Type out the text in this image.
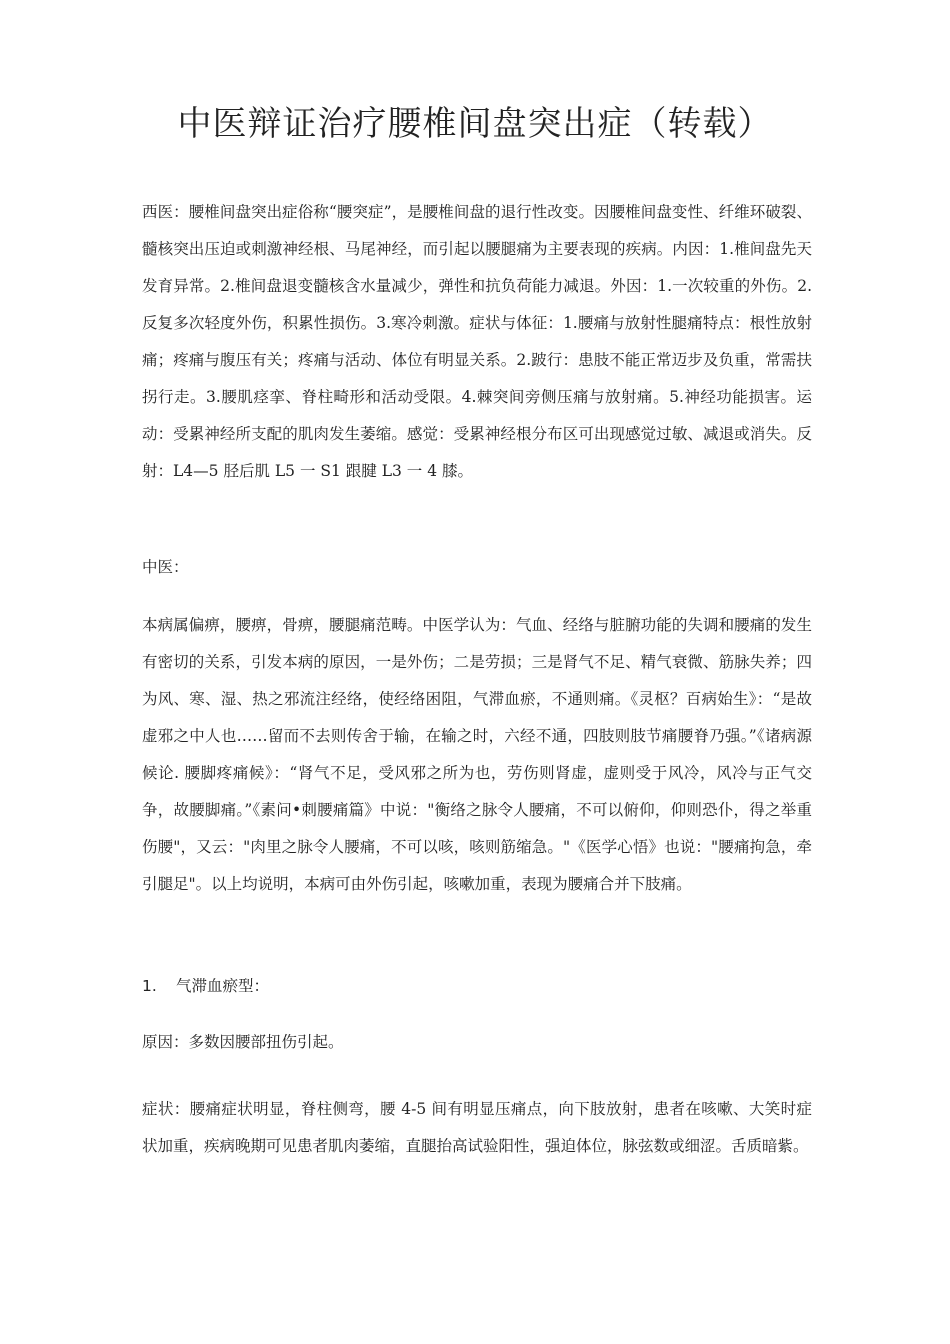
中医辩证治疗腰椎间盘突出症（转载）

西医：腰椎间盘突出症俗称“腰突症”，是腰椎间盘的退行性改变。因腰椎间盘变性、纤维环破裂、髓核突出压迫或刺激神经根、马尾神经，而引起以腰腿痛为主要表现的疾病。内因：1.椎间盘先天发育异常。2.椎间盘退变髓核含水量减少，弹性和抗负荷能力减退。外因：1.一次较重的外伤。2.反复多次轻度外伤，积累性损伤。3.寒冷刺激。症状与体征：1.腰痛与放射性腿痛特点：根性放射痛；疼痛与腹压有关；疼痛与活动、体位有明显关系。2.跛行：患肢不能正常迈步及负重，常需扶拐行走。3.腰肌痉挛、脊柱畸形和活动受限。4.棘突间旁侧压痛与放射痛。5.神经功能损害。运动：受累神经所支配的肌肉发生萎缩。感觉：受累神经根分布区可出现感觉过敏、减退或消失。反射：L4—5 胫后肌 L5 一 S1 跟腱 L3 一 4 膝。

中医：

本病属偏痹，腰痹，骨痹，腰腿痛范畴。中医学认为：气血、经络与脏腑功能的失调和腰痛的发生有密切的关系，引发本病的原因，一是外伤；二是劳损；三是肾气不足、精气衰微、筋脉失养；四为风、寒、湿、热之邪流注经络，使经络困阻，气滞血瘀，不通则痛。《灵枢？百病始生》：“是故虚邪之中人也……留而不去则传舍于输，在输之时，六经不通，四肢则肢节痛腰脊乃强。”《诸病源候论. 腰脚疼痛候》：“肾气不足，受风邪之所为也，劳伤则肾虚，虚则受于风冷，风冷与正气交争，故腰脚痛。”《素问•刺腰痛篇》中说："衡络之脉令人腰痛，不可以俯仰，仰则恐仆，得之举重伤腰"，又云："肉里之脉令人腰痛，不可以咳，咳则筋缩急。"《医学心悟》也说："腰痛拘急，牵引腿足"。以上均说明，本病可由外伤引起，咳嗽加重，表现为腰痛合并下肢痛。

1. 气滞血瘀型：

原因：多数因腰部扭伤引起。

症状：腰痛症状明显，脊柱侧弯，腰 4-5 间有明显压痛点，向下肢放射，患者在咳嗽、大笑时症状加重，疾病晚期可见患者肌肉萎缩，直腿抬高试验阳性，强迫体位，脉弦数或细涩。舌质暗紫。
